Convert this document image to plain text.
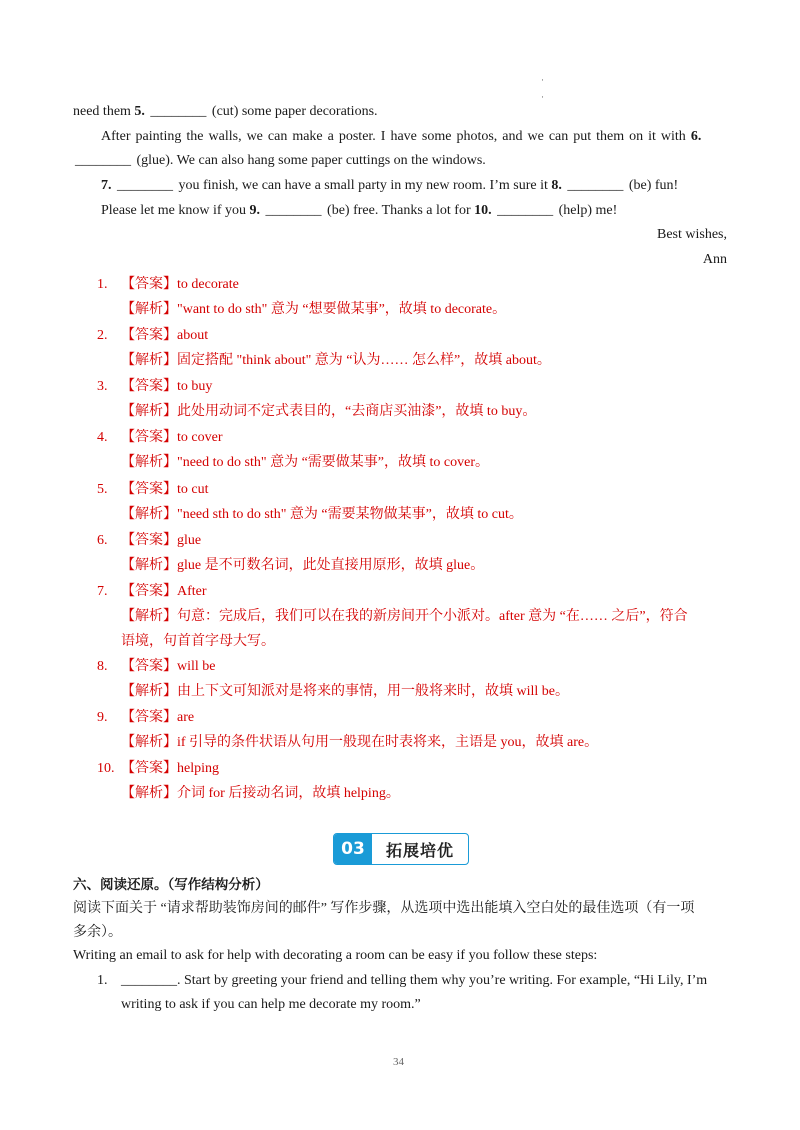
·
·
need them 5. ________ (cut) some paper decorations.
After painting the walls, we can make a poster. I have some photos, and we can put them on it with 6.
________ (glue). We can also hang some paper cuttings on the windows.
7. ________ you finish, we can have a small party in my new room. I’m sure it 8. ________ (be) fun!
Please let me know if you 9. ________ (be) free. Thanks a lot for 10. ________ (help) me!
Best wishes,
Ann
1. 【答案】to decorate
【解析】"want to do sth" 意为 “想要做某事”，故填 to decorate。
2. 【答案】about
【解析】固定搭配 "think about" 意为 “认为…… 怎么样”，故填 about。
3. 【答案】to buy
【解析】此处用动词不定式表目的，“去商店买油漆”，故填 to buy。
4. 【答案】to cover
【解析】"need to do sth" 意为 “需要做某事”，故填 to cover。
5. 【答案】to cut
【解析】"need sth to do sth" 意为 “需要某物做某事”，故填 to cut。
6. 【答案】glue
【解析】glue 是不可数名词，此处直接用原形，故填 glue。
7. 【答案】After
【解析】句意：完成后，我们可以在我的新房间开个小派对。after 意为 “在…… 之后”，符合
语境，句首首字母大写。
8. 【答案】will be
【解析】由上下文可知派对是将来的事情，用一般将来时，故填 will be。
9. 【答案】are
【解析】if 引导的条件状语从句用一般现在时表将来，主语是 you，故填 are。
10. 【答案】helping
【解析】介词 for 后接动名词，故填 helping。
03	拓展培优
六、阅读还原。（写作结构分析）
阅读下面关于 “请求帮助装饰房间的邮件” 写作步骤，从选项中选出能填入空白处的最佳选项（有一项
多余）。
Writing an email to ask for help with decorating a room can be easy if you follow these steps:
1. ________. Start by greeting your friend and telling them why you’re writing. For example, “Hi Lily, I’m
writing to ask if you can help me decorate my room.”
34
